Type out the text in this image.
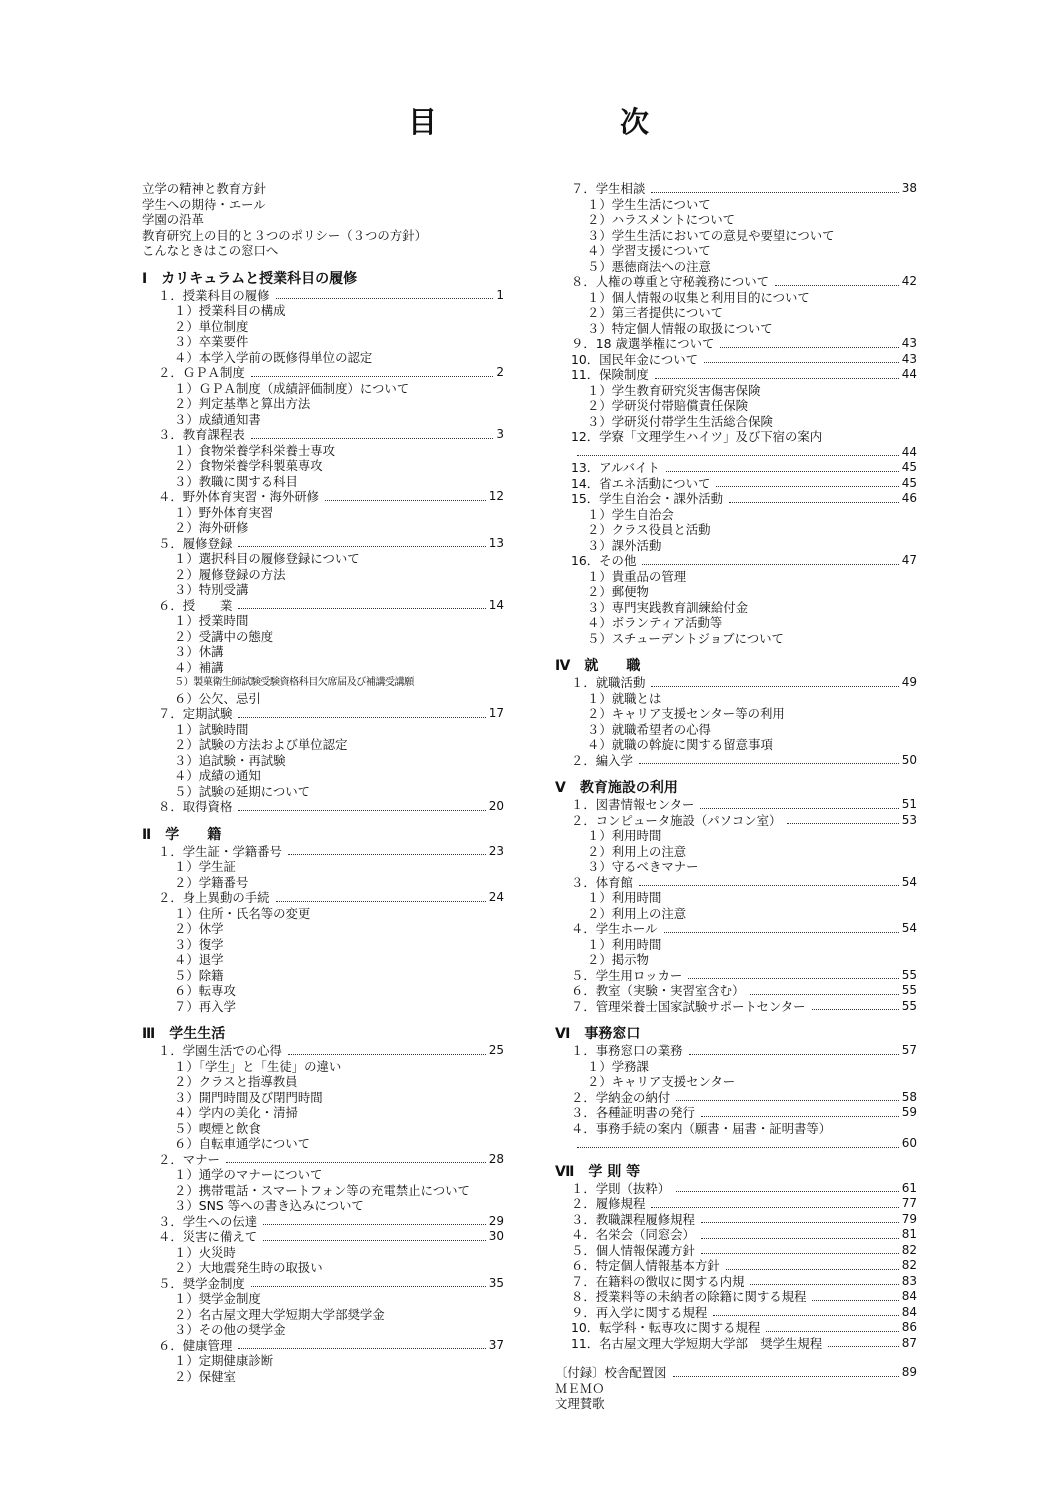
目	次
立学の精神と教育方針
学生への期待・エール
学園の沿革
教育研究上の目的と３つのポリシー（３つの方針）
こんなときはこの窓口へ
Ⅰ　カリキュラムと授業科目の履修
１．授業科目の履修	1
１）授業科目の構成
２）単位制度
３）卒業要件
４）本学入学前の既修得単位の認定
２．ＧＰＡ制度	2
１）ＧＰＡ制度（成績評価制度）について
２）判定基準と算出方法
３）成績通知書
３．教育課程表	3
１）食物栄養学科栄養士専攻
２）食物栄養学科製菓専攻
３）教職に関する科目
４．野外体育実習・海外研修	12
１）野外体育実習
２）海外研修
５．履修登録	13
１）選択科目の履修登録について
２）履修登録の方法
３）特別受講
６．授　　業	14
１）授業時間
２）受講中の態度
３）休講
４）補講
５）製菓衛生師試験受験資格科目欠席届及び補講受講願
６）公欠、忌引
７．定期試験	17
１）試験時間
２）試験の方法および単位認定
３）追試験・再試験
４）成績の通知
５）試験の延期について
８．取得資格	20
Ⅱ　学　　籍
１．学生証・学籍番号	23
１）学生証
２）学籍番号
２．身上異動の手続	24
１）住所・氏名等の変更
２）休学
３）復学
４）退学
５）除籍
６）転専攻
７）再入学
Ⅲ　学生生活
１．学園生活での心得	25
１）「学生」と「生徒」の違い
２）クラスと指導教員
３）開門時間及び閉門時間
４）学内の美化・清掃
５）喫煙と飲食
６）自転車通学について
２．マナー	28
１）通学のマナーについて
２）携帯電話・スマートフォン等の充電禁止について
３）SNS 等への書き込みについて
３．学生への伝達	29
４．災害に備えて	30
１）火災時
２）大地震発生時の取扱い
５．奨学金制度	35
１）奨学金制度
２）名古屋文理大学短期大学部奨学金
３）その他の奨学金
６．健康管理	37
１）定期健康診断
２）保健室
７．学生相談	38
１）学生生活について
２）ハラスメントについて
３）学生生活においての意見や要望について
４）学習支援について
５）悪徳商法への注意
８．人権の尊重と守秘義務について	42
１）個人情報の収集と利用目的について
２）第三者提供について
３）特定個人情報の取扱について
９．18 歳選挙権について	43
10．国民年金について	43
11．保険制度	44
１）学生教育研究災害傷害保険
２）学研災付帯賠償責任保険
３）学研災付帯学生生活総合保険
12．学寮「文理学生ハイツ」及び下宿の案内
44
13．アルバイト	45
14．省エネ活動について	45
15．学生自治会・課外活動	46
１）学生自治会
２）クラス役員と活動
３）課外活動
16．その他	47
１）貴重品の管理
２）郵便物
３）専門実践教育訓練給付金
４）ボランティア活動等
５）スチューデントジョブについて
Ⅳ　就　　職
１．就職活動	49
１）就職とは
２）キャリア支援センター等の利用
３）就職希望者の心得
４）就職の斡旋に関する留意事項
２．編入学	50
Ⅴ　教育施設の利用
１．図書情報センター	51
２．コンピュータ施設（パソコン室）	53
１）利用時間
２）利用上の注意
３）守るべきマナー
３．体育館	54
１）利用時間
２）利用上の注意
４．学生ホール	54
１）利用時間
２）掲示物
５．学生用ロッカー	55
６．教室（実験・実習室含む）	55
７．管理栄養士国家試験サポートセンター	55
Ⅵ　事務窓口
１．事務窓口の業務	57
１）学務課
２）キャリア支援センター
２．学納金の納付	58
３．各種証明書の発行	59
４．事務手続の案内（願書・届書・証明書等）
60
Ⅶ　学 則 等
１．学則（抜粋）	61
２．履修規程	77
３．教職課程履修規程	79
４．名栄会（同窓会）	81
５．個人情報保護方針	82
６．特定個人情報基本方針	82
７．在籍料の徴収に関する内規	83
８．授業料等の未納者の除籍に関する規程	84
９．再入学に関する規程	84
10．転学科・転専攻に関する規程	86
11．名古屋文理大学短期大学部　奨学生規程	87
〔付録〕校舎配置図	89
ＭＥＭＯ
文理賛歌
